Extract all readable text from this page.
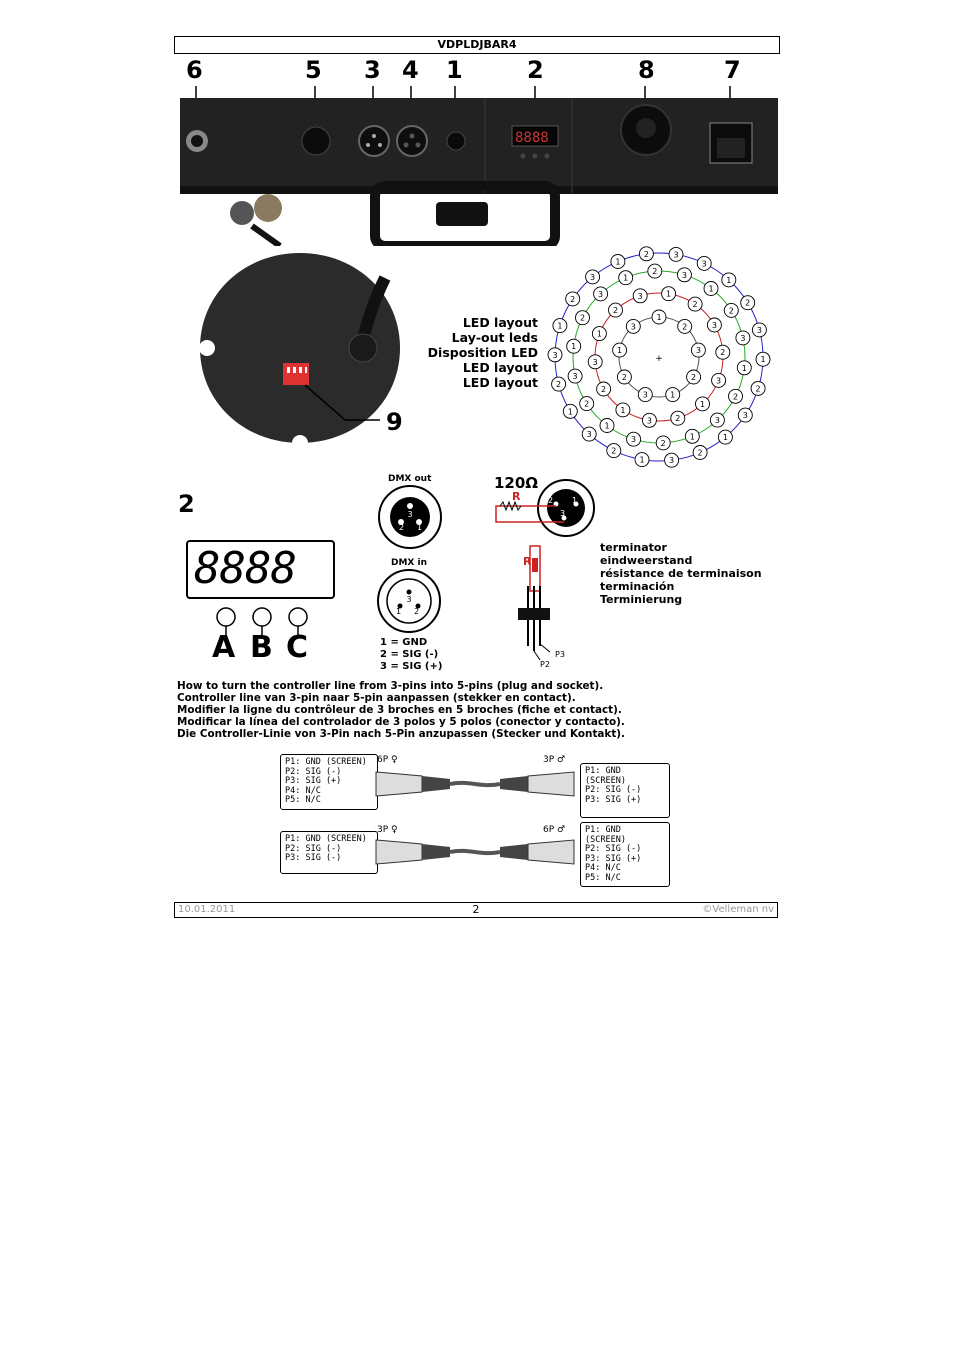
VDPLDJBAR4
6	5 3 4 1	2	8	7
8888
9
LED layout
Lay-out leds
Disposition LED
LED layout
LED layout
+
1
2
3
2
1
3
2
1
3
1
2
3
2
3
1
2
3
1
2
3
1
2
3
3
1
2
3
1
2
3
1
2
3
1
2
3
1
2
3
1
2
3
1
2
3
1
2
3
1
2
3
1
2
3
1
2
3
1
2
3
1
2	3
2
8888
A B C
DMX out
3
2 1
DMX in
3
1 2
1 = GND
2 = SIG (-)
3 = SIG (+)
120Ω
R	2 1
3
R
P3
P2
terminator
eindweerstand
résistance de terminaison
terminación
Terminierung
How to turn the controller line from 3-pins into 5-pins (plug and socket).
Controller line van 3-pin naar 5-pin aanpassen (stekker en contact).
Modifier la ligne du contrôleur de 3 broches en 5 broches (fiche et contact).
Modificar la línea del controlador de 3 polos y 5 polos (conector y contacto).
Die Controller-Linie von 3-Pin nach 5-Pin anzupassen (Stecker und Kontakt).
P1: GND (SCREEN)
P2: SIG (-)
P3: SIG (+)
P4: N/C
P5: N/C
6P ♀	3P ♂
P1: GND (SCREEN)
P2: SIG (-)
P3: SIG (+)
P1: GND (SCREEN)
P2: SIG (-)
P3: SIG (-)
3P ♀	6P ♂ P1: GND (SCREEN)
P2: SIG (-)
P3: SIG (+)
P4: N/C
P5: N/C
10.01.2011	2	©Velleman nv
